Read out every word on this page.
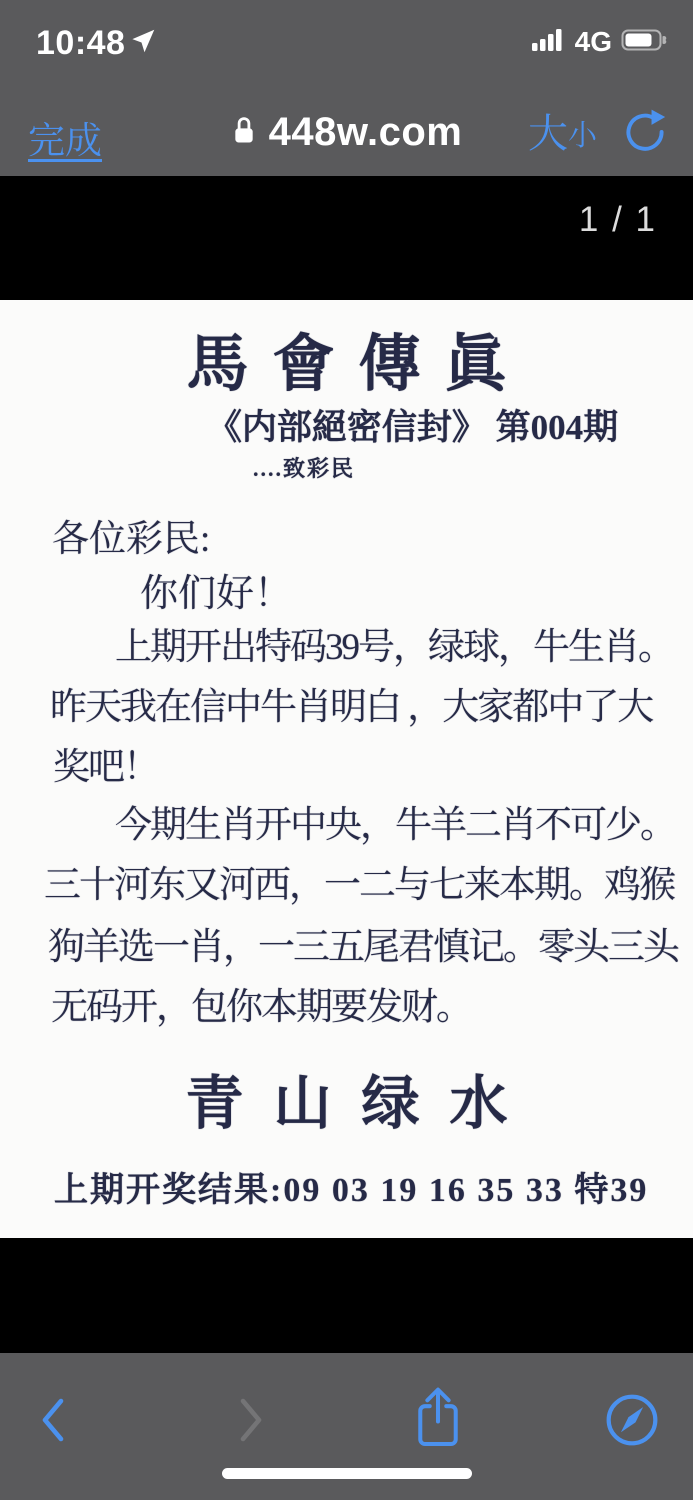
10:48	4G
完成	448w.com 大 小
1 / 1
馬會傳眞
《内部絕密信封》 第004期
....致彩民
各位彩民:
你们好！
上期开出特码39号，绿球，牛生肖。
昨天我在信中牛肖明白 ，大家都中了大
奖吧！
今期生肖开中央，牛羊二肖不可少。
三十河东又河西，一二与七来本期。鸡猴
狗羊选一肖，一三五尾君慎记。零头三头
无码开，包你本期要发财。
青山绿水
上期开奖结果:09 03 19 16 35 33 特39
